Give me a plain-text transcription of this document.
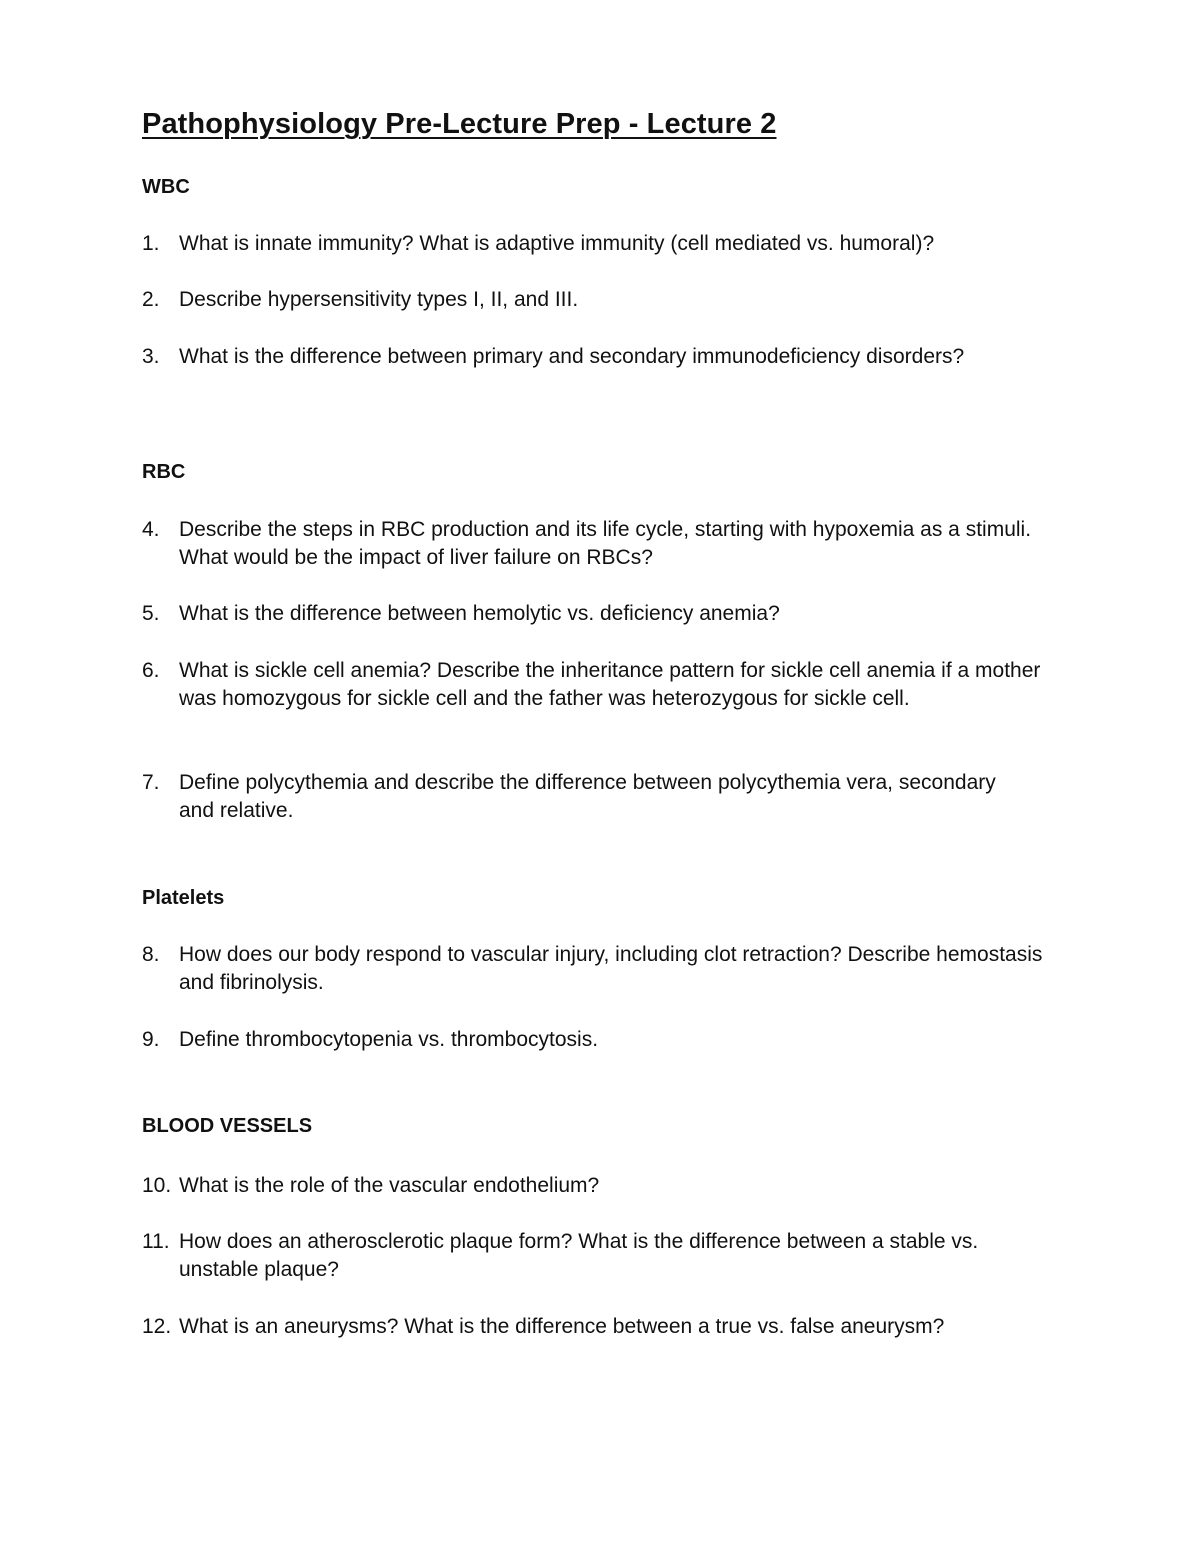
Pathophysiology Pre-Lecture Prep - Lecture 2
WBC

1. What is innate immunity? What is adaptive immunity (cell mediated vs. humoral)?

2. Describe hypersensitivity types I, II, and III.

3. What is the difference between primary and secondary immunodeficiency disorders?

RBC

4. Describe the steps in RBC production and its life cycle, starting with hypoxemia as a stimuli. What would be the impact of liver failure on RBCs?

5. What is the difference between hemolytic vs. deficiency anemia?

6. What is sickle cell anemia? Describe the inheritance pattern for sickle cell anemia if a mother was homozygous for sickle cell and the father was heterozygous for sickle cell.

7. Define polycythemia and describe the difference between polycythemia vera, secondary and relative.

Platelets

8. How does our body respond to vascular injury, including clot retraction? Describe hemostasis and fibrinolysis.

9. Define thrombocytopenia vs. thrombocytosis.

BLOOD VESSELS

10. What is the role of the vascular endothelium?

11. How does an atherosclerotic plaque form? What is the difference between a stable vs. unstable plaque?

12. What is an aneurysms? What is the difference between a true vs. false aneurysm?
